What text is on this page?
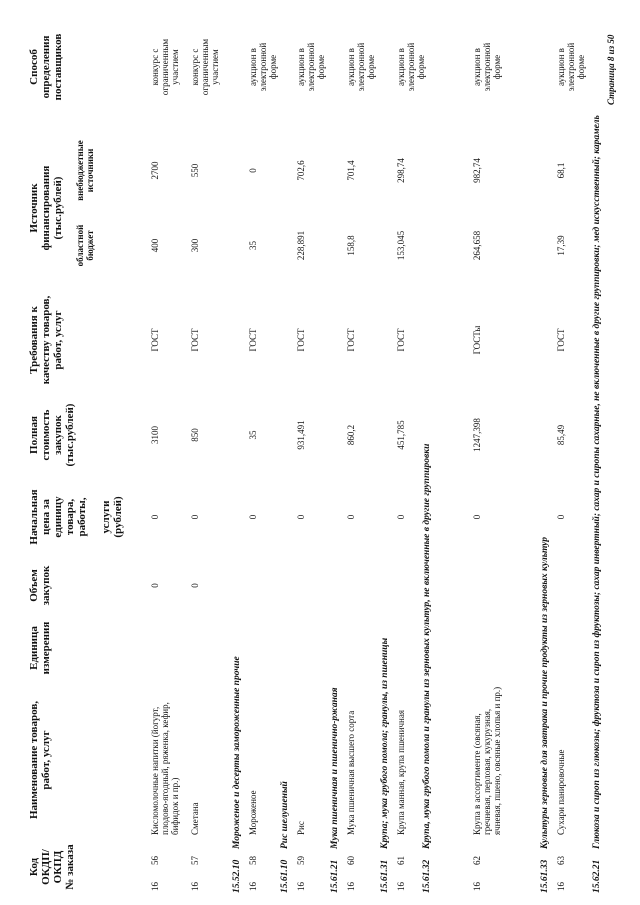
Код
ОКДП/
ОКПД
№ заказа
Наименование товаров,
работ, услуг
Единица
измерения
Объем
закупок
Начальная
цена за
единицу
товара,
работы,

услуги
(рублей)
Полная
стоимость
закупок
(тыс.рублей)
Требования к
качеству товаров,
работ, услуг
Источник
финансирования
(тыс.рублей)
областной
бюджет
внебюджетные
источники
Способ
определения
поставщиков
16
56
Кисломолочные напитки (йогурт,
плодово-ягодный, ряженка, кефир,
бифидок и пр.)
0
0
3100
ГОСТ
400
2700
конкурс с
ограниченным
участием
16
57
Сметана
0
0
850
ГОСТ
300
550
конкурс с
ограниченным
участием
15.52.10
Мороженое и десерты замороженные прочие
16
58
Мороженое
0
35
ГОСТ
35
0
аукцион в
электронной
форме
15.61.10
Рис шелушеный
16
59
Рис
0
931,491
ГОСТ
228,891
702,6
аукцион в
электронной
форме
15.61.21
Мука пшеничная и пшенично-ржаная
16
60
Мука пшеничная высшего сорта
0
860,2
ГОСТ
158,8
701,4
аукцион в
электронной
форме
15.61.31
Крупа; мука грубого помола; гранулы, из пшеницы
16
61
Крупа манная, крупа пшеничная
0
451,785
ГОСТ
153,045
298,74
аукцион в
электронной
форме
15.61.32
Крупа, мука грубого помола и гранулы из зерновых культур, не включенные в другие группировки
16
62
Крупа в ассортименте (овсяная,
гречневая, перловая, кукурузная,
ячневая, пшено, овсяные хлопья и пр.)
0
1247,398
ГОСТы
264,658
982,74
аукцион в
электронной
форме
15.61.33
Культуры зерновые для завтрака и прочие продукты из зерновых культур
16
63
Сухари панировочные
0
85,49
ГОСТ
17,39
68,1
аукцион в
электронной
форме
15.62.21
Глюкоза и сироп из глюкозы; фруктоза и сироп из фруктозы; сахар инвертный; сахар и сиропы сахарные, не включенные в другие группировки; мед искусственный; карамель
Страница 8 из 50
